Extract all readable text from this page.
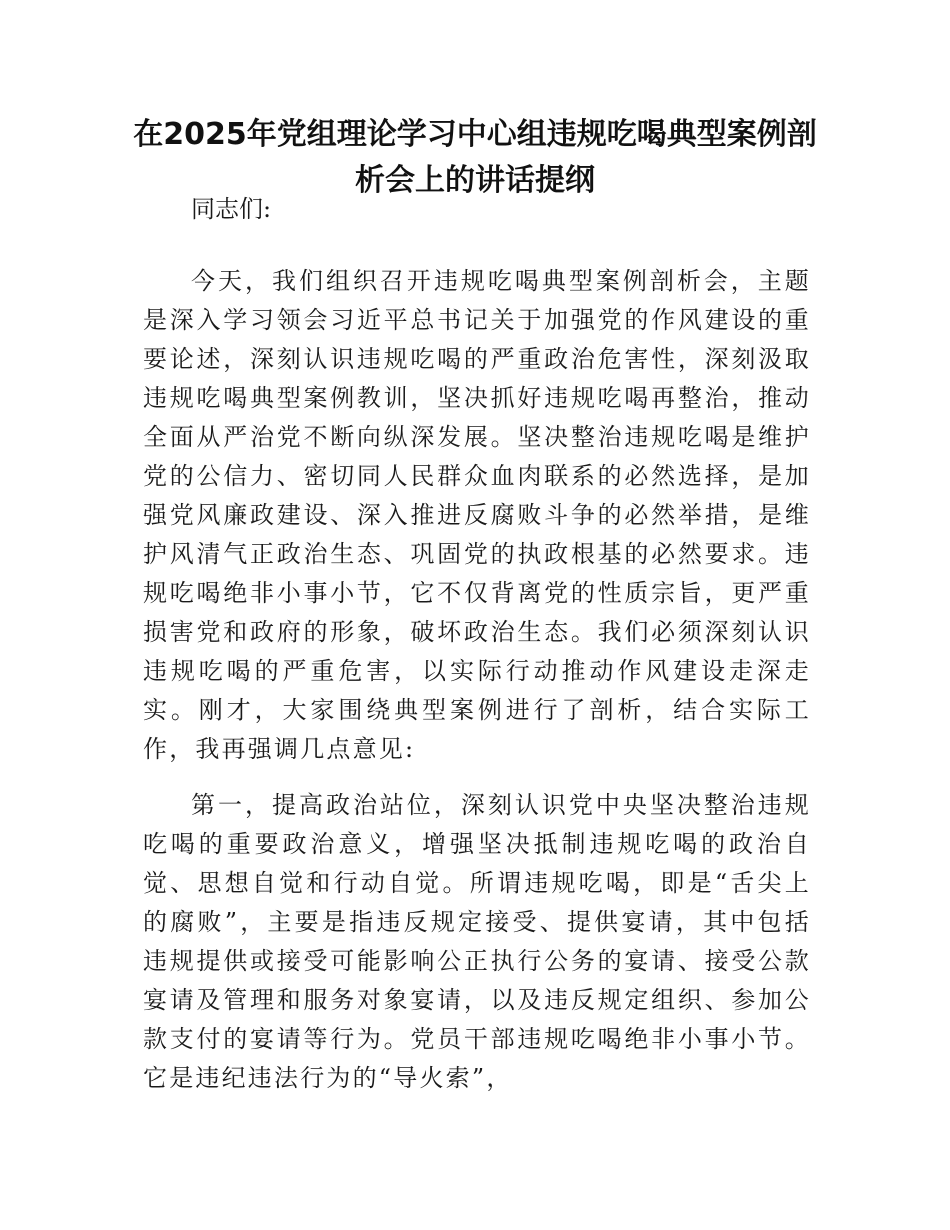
在2025年党组理论学习中心组违规吃喝典型案例剖析会上的讲话提纲

同志们:

今天，我们组织召开违规吃喝典型案例剖析会，主题是深入学习领会习近平总书记关于加强党的作风建设的重要论述，深刻认识违规吃喝的严重政治危害性，深刻汲取违规吃喝典型案例教训，坚决抓好违规吃喝再整治，推动全面从严治党不断向纵深发展。坚决整治违规吃喝是维护党的公信力、密切同人民群众血肉联系的必然选择，是加强党风廉政建设、深入推进反腐败斗争的必然举措，是维护风清气正政治生态、巩固党的执政根基的必然要求。违规吃喝绝非小事小节，它不仅背离党的性质宗旨，更严重损害党和政府的形象，破坏政治生态。我们必须深刻认识违规吃喝的严重危害，以实际行动推动作风建设走深走实。刚才，大家围绕典型案例进行了剖析，结合实际工作，我再强调几点意见:

第一，提高政治站位，深刻认识党中央坚决整治违规吃喝的重要政治意义，增强坚决抵制违规吃喝的政治自觉、思想自觉和行动自觉。所谓违规吃喝，即是“舌尖上的腐败”，主要是指违反规定接受、提供宴请，其中包括违规提供或接受可能影响公正执行公务的宴请、接受公款宴请及管理和服务对象宴请，以及违反规定组织、参加公款支付的宴请等行为。党员干部违规吃喝绝非小事小节。它是违纪违法行为的“导火索”，
